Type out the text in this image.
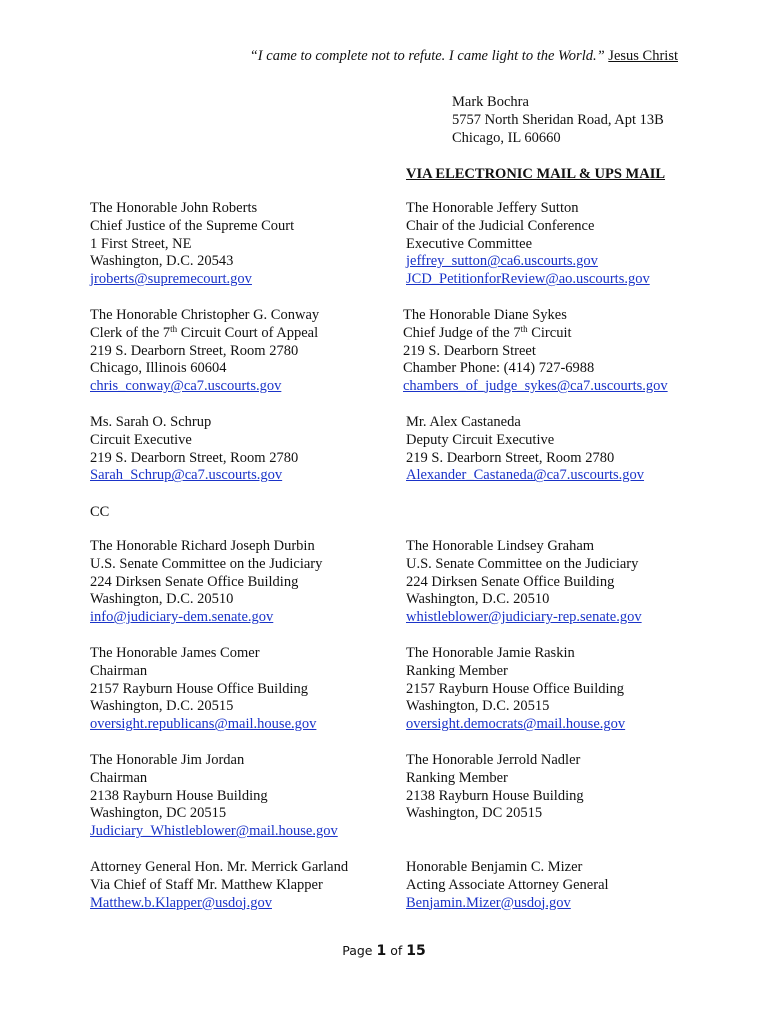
“I came to complete not to refute. I came light to the World.” Jesus Christ
Mark Bochra
5757 North Sheridan Road, Apt 13B
Chicago, IL 60660
VIA ELECTRONIC MAIL & UPS MAIL
The Honorable John Roberts
Chief Justice of the Supreme Court
1 First Street, NE
Washington, D.C. 20543
jroberts@supremecourt.gov
The Honorable Jeffery Sutton
Chair of the Judicial Conference
Executive Committee
jeffrey_sutton@ca6.uscourts.gov
JCD_PetitionforReview@ao.uscourts.gov
The Honorable Christopher G. Conway
Clerk of the 7th Circuit Court of Appeal
219 S. Dearborn Street, Room 2780
Chicago, Illinois 60604
chris_conway@ca7.uscourts.gov
The Honorable Diane Sykes
Chief Judge of the 7th Circuit
219 S. Dearborn Street
Chamber Phone: (414) 727-6988
chambers_of_judge_sykes@ca7.uscourts.gov
Ms. Sarah O. Schrup
Circuit Executive
219 S. Dearborn Street, Room 2780
Sarah_Schrup@ca7.uscourts.gov
Mr. Alex Castaneda
Deputy Circuit Executive
219 S. Dearborn Street, Room 2780
Alexander_Castaneda@ca7.uscourts.gov
CC
The Honorable Richard Joseph Durbin
U.S. Senate Committee on the Judiciary
224 Dirksen Senate Office Building
Washington, D.C. 20510
info@judiciary-dem.senate.gov
The Honorable Lindsey Graham
U.S. Senate Committee on the Judiciary
224 Dirksen Senate Office Building
Washington, D.C. 20510
whistleblower@judiciary-rep.senate.gov
The Honorable James Comer
Chairman
2157 Rayburn House Office Building
Washington, D.C. 20515
oversight.republicans@mail.house.gov
The Honorable Jamie Raskin
Ranking Member
2157 Rayburn House Office Building
Washington, D.C. 20515
oversight.democrats@mail.house.gov
The Honorable Jim Jordan
Chairman
2138 Rayburn House Building
Washington, DC 20515
Judiciary_Whistleblower@mail.house.gov
The Honorable Jerrold Nadler
Ranking Member
2138 Rayburn House Building
Washington, DC 20515
Attorney General Hon. Mr. Merrick Garland
Via Chief of Staff Mr. Matthew Klapper
Matthew.b.Klapper@usdoj.gov
Honorable Benjamin C. Mizer
Acting Associate Attorney General
Benjamin.Mizer@usdoj.gov
Page 1 of 15
